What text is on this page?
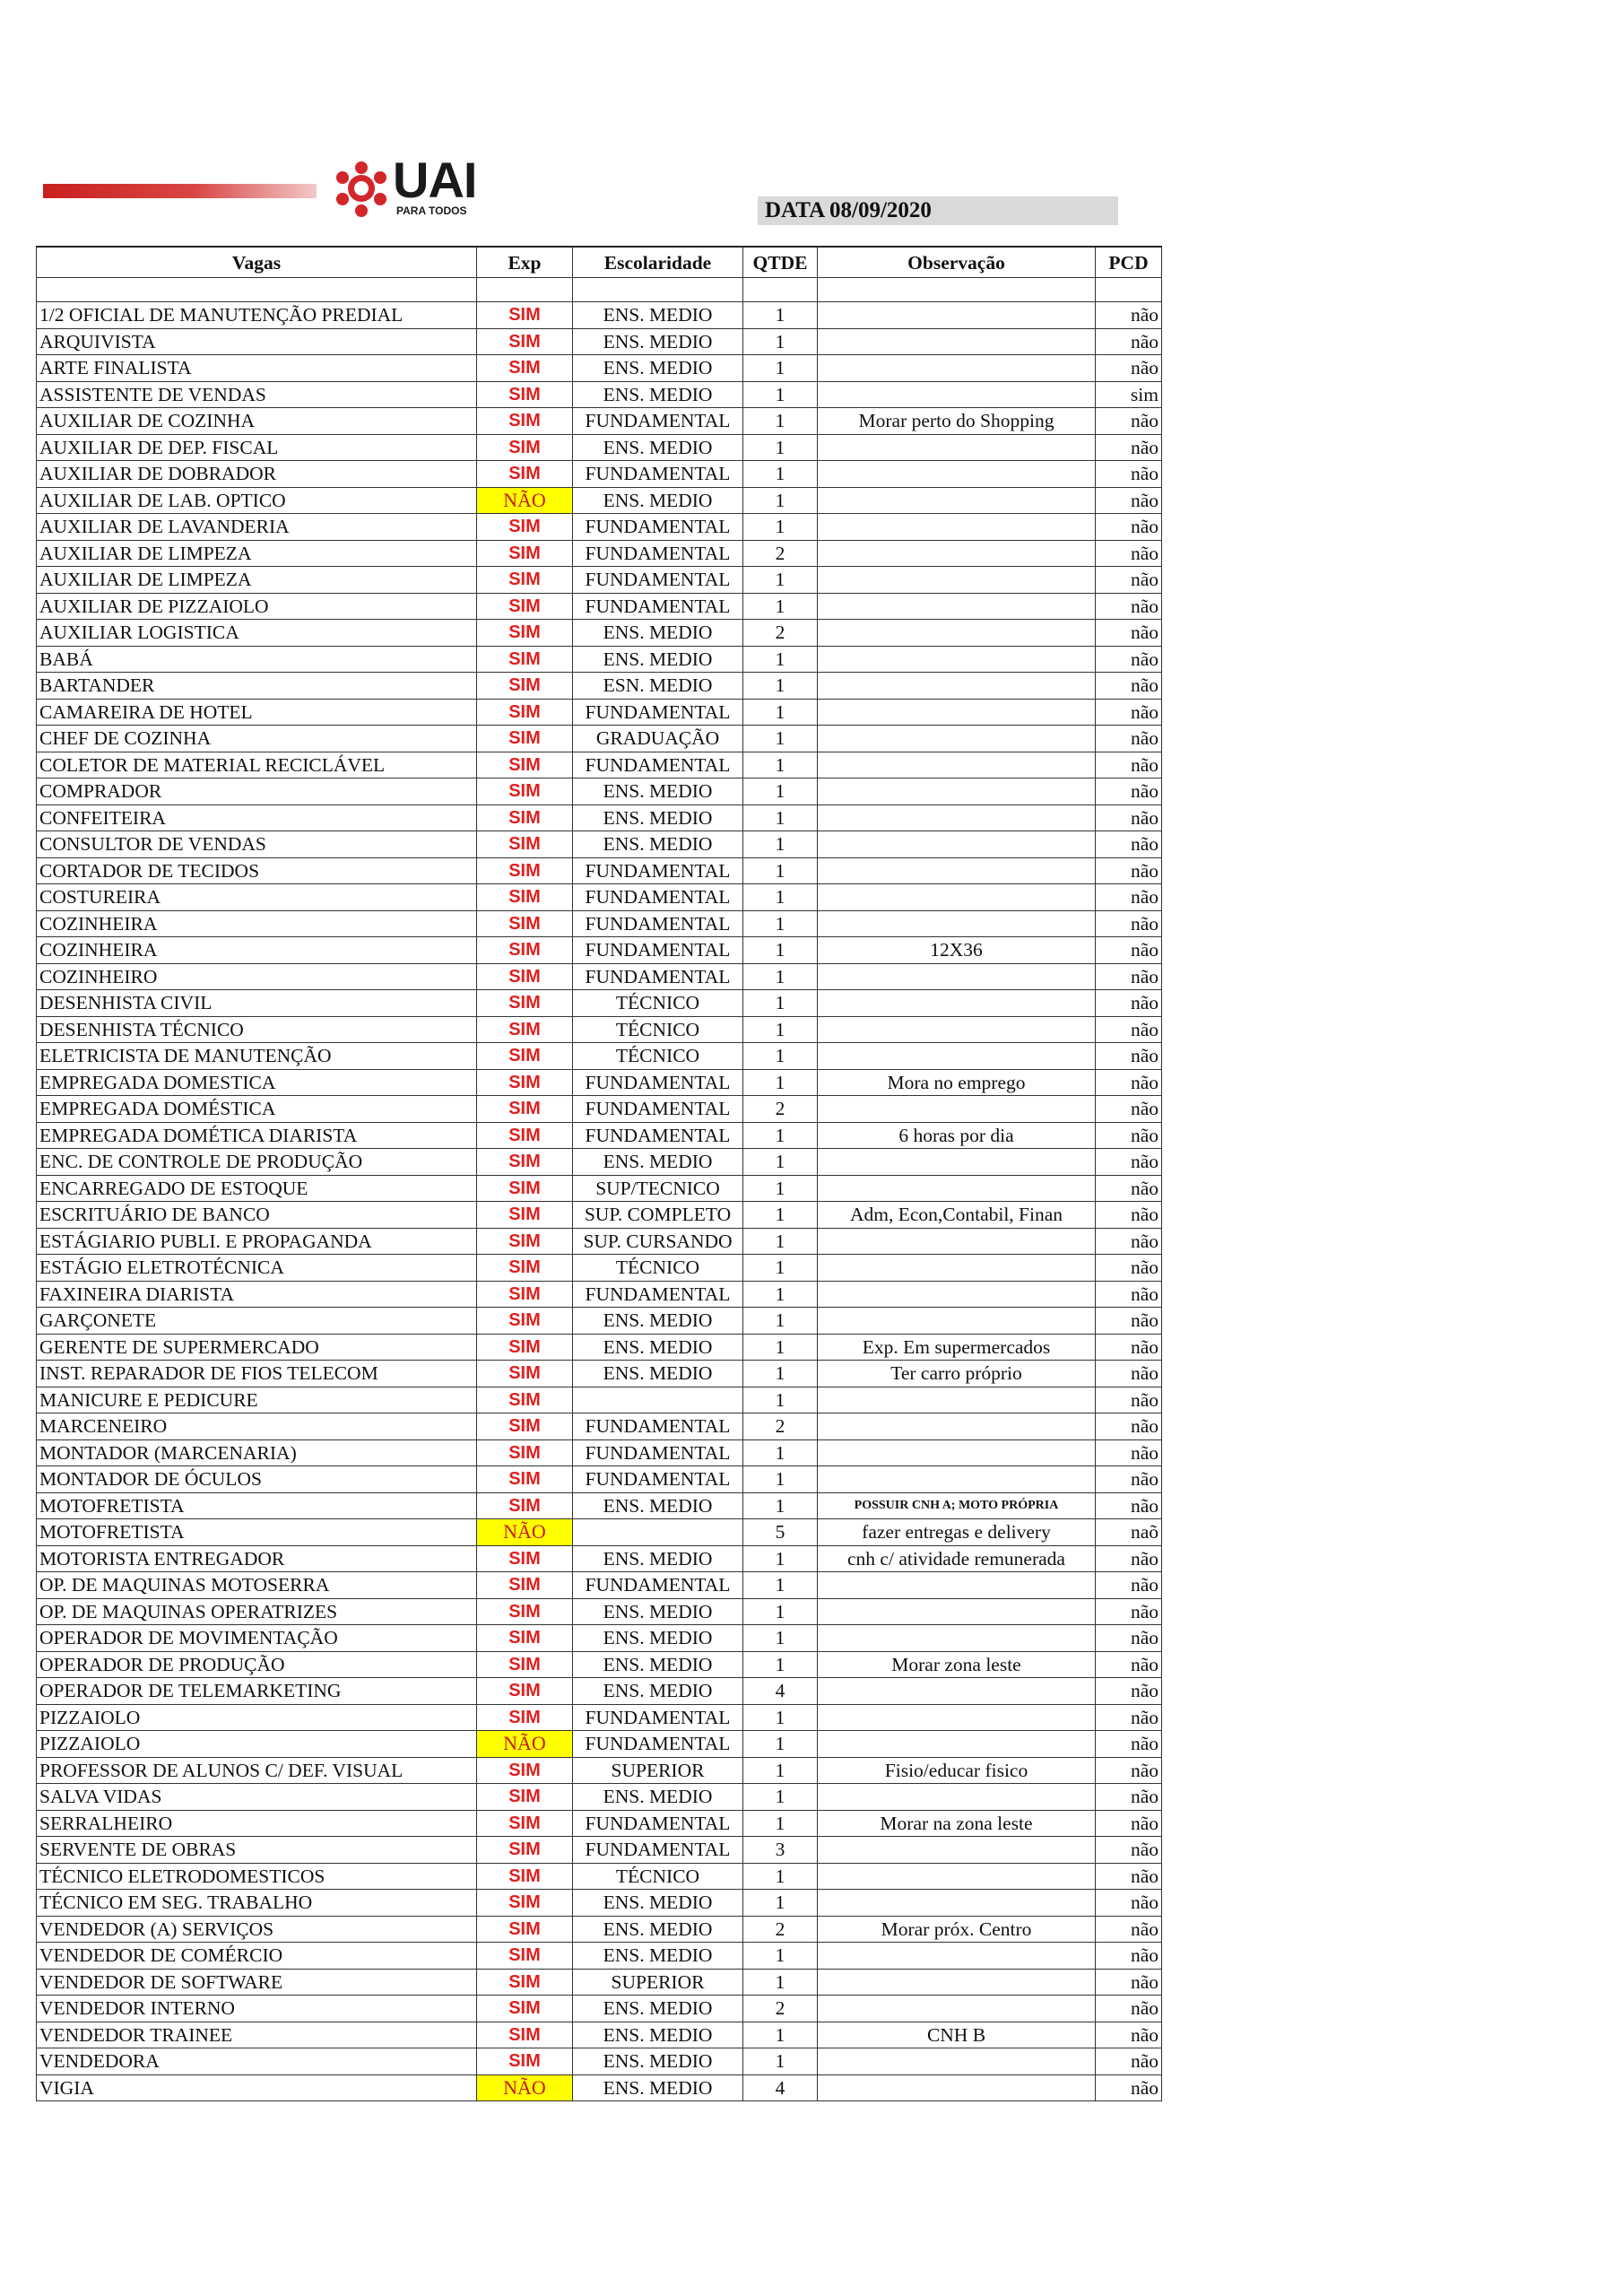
UAI
PARA TODOS	DATA 08/09/2020
Vagas	Exp	Escolaridade	QTDE	Observação	PCD

1/2 OFICIAL DE MANUTENÇÃO PREDIAL	SIM	ENS. MEDIO	1		não
ARQUIVISTA	SIM	ENS. MEDIO	1		não
ARTE FINALISTA	SIM	ENS. MEDIO	1		não
ASSISTENTE DE VENDAS	SIM	ENS. MEDIO	1		sim
AUXILIAR DE COZINHA	SIM	FUNDAMENTAL	1	Morar perto do Shopping	não
AUXILIAR DE DEP. FISCAL	SIM	ENS. MEDIO	1		não
AUXILIAR DE DOBRADOR	SIM	FUNDAMENTAL	1		não
AUXILIAR DE LAB. OPTICO	NÃO	ENS. MEDIO	1		não
AUXILIAR DE LAVANDERIA	SIM	FUNDAMENTAL	1		não
AUXILIAR DE LIMPEZA	SIM	FUNDAMENTAL	2		não
AUXILIAR DE LIMPEZA	SIM	FUNDAMENTAL	1		não
AUXILIAR DE PIZZAIOLO	SIM	FUNDAMENTAL	1		não
AUXILIAR LOGISTICA	SIM	ENS. MEDIO	2		não
BABÁ	SIM	ENS. MEDIO	1		não
BARTANDER	SIM	ESN. MEDIO	1		não
CAMAREIRA DE HOTEL	SIM	FUNDAMENTAL	1		não
CHEF DE COZINHA	SIM	GRADUAÇÃO	1		não
COLETOR DE MATERIAL RECICLÁVEL	SIM	FUNDAMENTAL	1		não
COMPRADOR	SIM	ENS. MEDIO	1		não
CONFEITEIRA	SIM	ENS. MEDIO	1		não
CONSULTOR DE VENDAS	SIM	ENS. MEDIO	1		não
CORTADOR DE TECIDOS	SIM	FUNDAMENTAL	1		não
COSTUREIRA	SIM	FUNDAMENTAL	1		não
COZINHEIRA	SIM	FUNDAMENTAL	1		não
COZINHEIRA	SIM	FUNDAMENTAL	1	12X36	não
COZINHEIRO	SIM	FUNDAMENTAL	1		não
DESENHISTA CIVIL	SIM	TÉCNICO	1		não
DESENHISTA TÉCNICO	SIM	TÉCNICO	1		não
ELETRICISTA DE MANUTENÇÃO	SIM	TÉCNICO	1		não
EMPREGADA DOMESTICA	SIM	FUNDAMENTAL	1	Mora no emprego	não
EMPREGADA DOMÉSTICA	SIM	FUNDAMENTAL	2		não
EMPREGADA DOMÉTICA DIARISTA	SIM	FUNDAMENTAL	1	6 horas por dia	não
ENC. DE CONTROLE DE PRODUÇÃO	SIM	ENS. MEDIO	1		não
ENCARREGADO DE ESTOQUE	SIM	SUP/TECNICO	1		não
ESCRITUÁRIO DE BANCO	SIM	SUP. COMPLETO	1	Adm, Econ,Contabil, Finan	não
ESTÁGIARIO PUBLI. E PROPAGANDA	SIM	SUP. CURSANDO	1		não
ESTÁGIO ELETROTÉCNICA	SIM	TÉCNICO	1		não
FAXINEIRA DIARISTA	SIM	FUNDAMENTAL	1		não
GARÇONETE	SIM	ENS. MEDIO	1		não
GERENTE DE SUPERMERCADO	SIM	ENS. MEDIO	1	Exp. Em supermercados	não
INST. REPARADOR DE FIOS TELECOM	SIM	ENS. MEDIO	1	Ter carro próprio	não
MANICURE E PEDICURE	SIM		1		não
MARCENEIRO	SIM	FUNDAMENTAL	2		não
MONTADOR (MARCENARIA)	SIM	FUNDAMENTAL	1		não
MONTADOR DE ÓCULOS	SIM	FUNDAMENTAL	1		não
MOTOFRETISTA	SIM	ENS. MEDIO	1	POSSUIR CNH A; MOTO PRÓPRIA	não
MOTOFRETISTA	NÃO		5	fazer entregas e delivery	naõ
MOTORISTA ENTREGADOR	SIM	ENS. MEDIO	1	cnh c/ atividade remunerada	não
OP. DE MAQUINAS MOTOSERRA	SIM	FUNDAMENTAL	1		não
OP. DE MAQUINAS OPERATRIZES	SIM	ENS. MEDIO	1		não
OPERADOR DE MOVIMENTAÇÃO	SIM	ENS. MEDIO	1		não
OPERADOR DE PRODUÇÃO	SIM	ENS. MEDIO	1	Morar zona leste	não
OPERADOR DE TELEMARKETING	SIM	ENS. MEDIO	4		não
PIZZAIOLO	SIM	FUNDAMENTAL	1		não
PIZZAIOLO	NÃO	FUNDAMENTAL	1		não
PROFESSOR DE ALUNOS C/ DEF. VISUAL	SIM	SUPERIOR	1	Fisio/educar fisico	não
SALVA VIDAS	SIM	ENS. MEDIO	1		não
SERRALHEIRO	SIM	FUNDAMENTAL	1	Morar na zona leste	não
SERVENTE DE OBRAS	SIM	FUNDAMENTAL	3		não
TÉCNICO ELETRODOMESTICOS	SIM	TÉCNICO	1		não
TÉCNICO EM SEG. TRABALHO	SIM	ENS. MEDIO	1		não
VENDEDOR (A) SERVIÇOS	SIM	ENS. MEDIO	2	Morar próx. Centro	não
VENDEDOR DE COMÉRCIO	SIM	ENS. MEDIO	1		não
VENDEDOR DE SOFTWARE	SIM	SUPERIOR	1		não
VENDEDOR INTERNO	SIM	ENS. MEDIO	2		não
VENDEDOR TRAINEE	SIM	ENS. MEDIO	1	CNH B	não
VENDEDORA	SIM	ENS. MEDIO	1		não
VIGIA	NÃO	ENS. MEDIO	4		não
